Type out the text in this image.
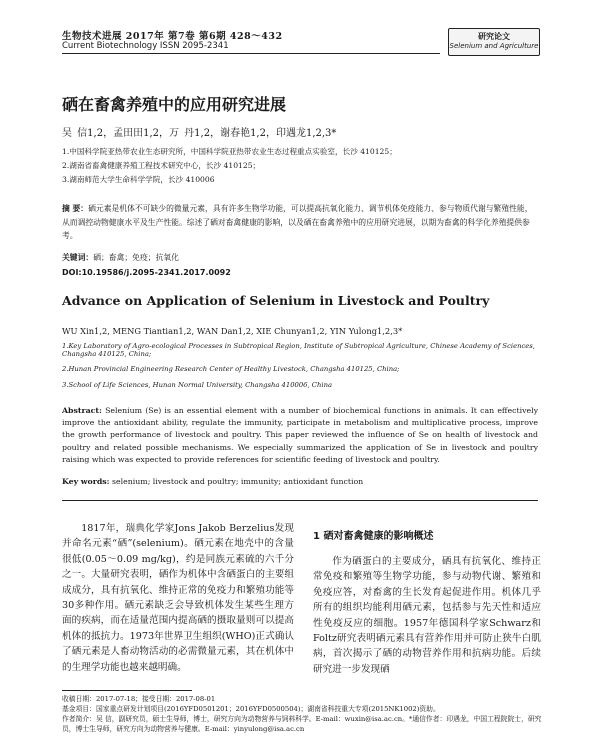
生物技术进展 2017年 第7卷 第6期 428～432
Current Biotechnology ISSN 2095-2341
研究论文
Selenium and Agriculture
硒在畜禽养殖中的应用研究进展
吴 信1,2，孟田田1,2，万 丹1,2，谢春艳1,2，印遇龙1,2,3*
1.中国科学院亚热带农业生态研究所，中国科学院亚热带农业生态过程重点实验室，长沙 410125；
2.湖南省畜禽健康养殖工程技术研究中心，长沙 410125；
3.湖南师范大学生命科学学院，长沙 410006
摘 要：硒元素是机体不可缺少的微量元素，具有许多生物学功能，可以提高抗氧化能力、调节机体免疫能力、参与物质代谢与繁殖性能，从而调控动物健康水平及生产性能。综述了硒对畜禽健康的影响，以及硒在畜禽养殖中的应用研究进展，以期为畜禽的科学化养殖提供参考。
关键词：硒；畜禽；免疫；抗氧化
DOI:10.19586/j.2095-2341.2017.0092
Advance on Application of Selenium in Livestock and Poultry
WU Xin1,2, MENG Tiantian1,2, WAN Dan1,2, XIE Chunyan1,2, YIN Yulong1,2,3*
1.Key Laboratory of Agro-ecological Processes in Subtropical Region, Institute of Subtropical Agriculture, Chinese Academy of Sciences, Changsha 410125, China;
2.Hunan Provincial Engineering Research Center of Healthy Livestock, Changsha 410125, China;
3.School of Life Sciences, Hunan Normal University, Changsha 410006, China
Abstract: Selenium (Se) is an essential element with a number of biochemical functions in animals. It can effectively improve the antioxidant ability, regulate the immunity, participate in metabolism and multiplicative process, improve the growth performance of livestock and poultry. This paper reviewed the influence of Se on health of livestock and poultry and related possible mechanisms. We especially summarized the application of Se in livestock and poultry raising which was expected to provide references for scientific feeding of livestock and poultry.
Key words: selenium; livestock and poultry; immunity; antioxidant function

1817年，瑞典化学家Jons Jakob Berzelius发现并命名元素“硒”(selenium)。硒元素在地壳中的含量很低(0.05～0.09 mg/kg)，约是同族元素硫的六千分之一。大量研究表明，硒作为机体中含硒蛋白的主要组成成分，具有抗氧化、维持正常的免疫力和繁殖功能等30多种作用。硒元素缺乏会导致机体发生某些生理方面的疾病，而在适量范围内提高硒的摄取量则可以提高机体的抵抗力。1973年世界卫生组织(WHO)正式确认了硒元素是人畜动物活动的必需微量元素，其在机体中的生理学功能也越来越明确。

1 硒对畜禽健康的影响概述

作为硒蛋白的主要成分，硒具有抗氧化、维持正常免疫和繁殖等生物学功能，参与动物代谢、繁殖和免疫应答，对畜禽的生长发育起促进作用。机体几乎所有的组织均能利用硒元素，包括参与先天性和适应性免疫反应的细胞。1957年德国科学家Schwarz和Foltz研究表明硒元素具有营养作用并可防止狭牛白肌病，首次揭示了硒的动物营养作用和抗病功能。后续研究进一步发现硒

收稿日期：2017-07-18；接受日期：2017-08-01
基金项目：国家重点研发计划项目(2016YFD0501201；2016YFD0500504)；湖南省科技重大专项(2015NK1002)资助。
作者简介：吴 信，副研究员，硕士生导师，博士，研究方向为动物营养与饲料科学。E-mail：wuxin@isa.ac.cn。*通信作者：印遇龙，中国工程院院士，研究员，博士生导师，研究方向为动物营养与健康。E-mail：yinyulong@isa.ac.cn
